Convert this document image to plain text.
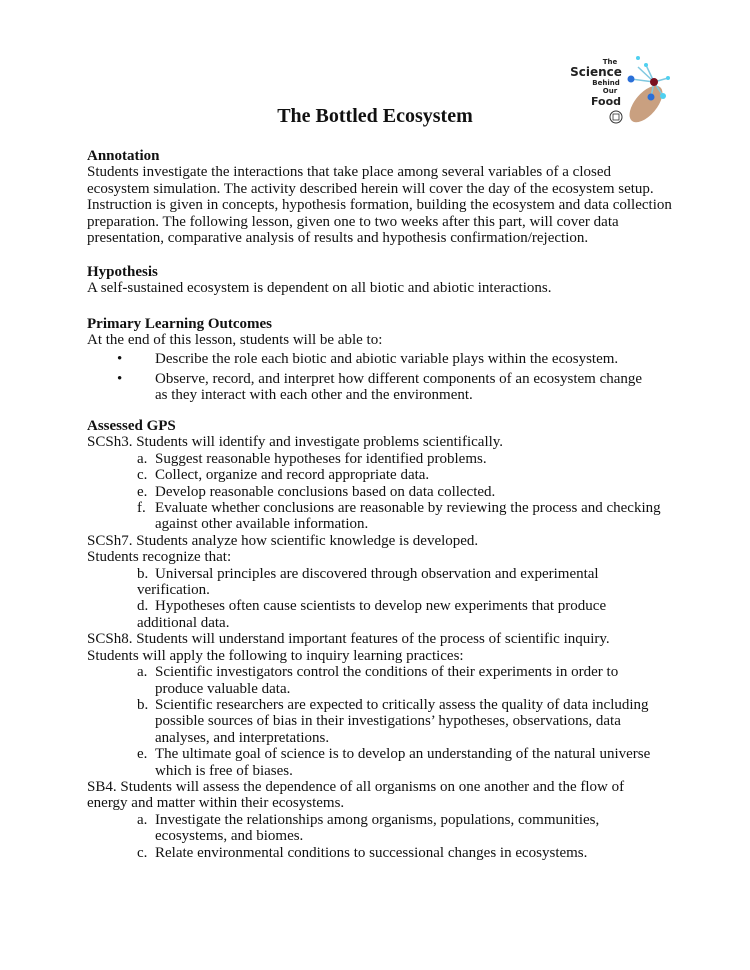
The
Science
Behind
Our
Food
The Bottled Ecosystem
Annotation

Students investigate the interactions that take place among several variables of a closed

ecosystem simulation. The activity described herein will cover the day of the ecosystem setup.

Instruction is given in concepts, hypothesis formation, building the ecosystem and data collection

preparation. The following lesson, given one to two weeks after this part, will cover data

presentation, comparative analysis of results and hypothesis confirmation/rejection.

Hypothesis

A self-sustained ecosystem is dependent on all biotic and abiotic interactions.

Primary Learning Outcomes

At the end of this lesson, students will be able to:

• Describe the role each biotic and abiotic variable plays within the ecosystem.
• Observe, record, and interpret how different components of an ecosystem change as they interact with each other and the environment.
Assessed GPS

SCSh3. Students will identify and investigate problems scientifically.

a. Suggest reasonable hypotheses for identified problems.

c. Collect, organize and record appropriate data.

e. Develop reasonable conclusions based on data collected.

f. Evaluate whether conclusions are reasonable by reviewing the process and checking against other available information.

SCSh7. Students analyze how scientific knowledge is developed.

Students recognize that:

b. Universal principles are discovered through observation and experimental verification.

d. Hypotheses often cause scientists to develop new experiments that produce additional data.

SCSh8. Students will understand important features of the process of scientific inquiry.

Students will apply the following to inquiry learning practices:

a. Scientific investigators control the conditions of their experiments in order to produce valuable data.

b. Scientific researchers are expected to critically assess the quality of data including possible sources of bias in their investigations’ hypotheses, observations, data analyses, and interpretations.

e. The ultimate goal of science is to develop an understanding of the natural universe which is free of biases.

SB4. Students will assess the dependence of all organisms on one another and the flow of energy and matter within their ecosystems.

a. Investigate the relationships among organisms, populations, communities, ecosystems, and biomes.

c. Relate environmental conditions to successional changes in ecosystems.
